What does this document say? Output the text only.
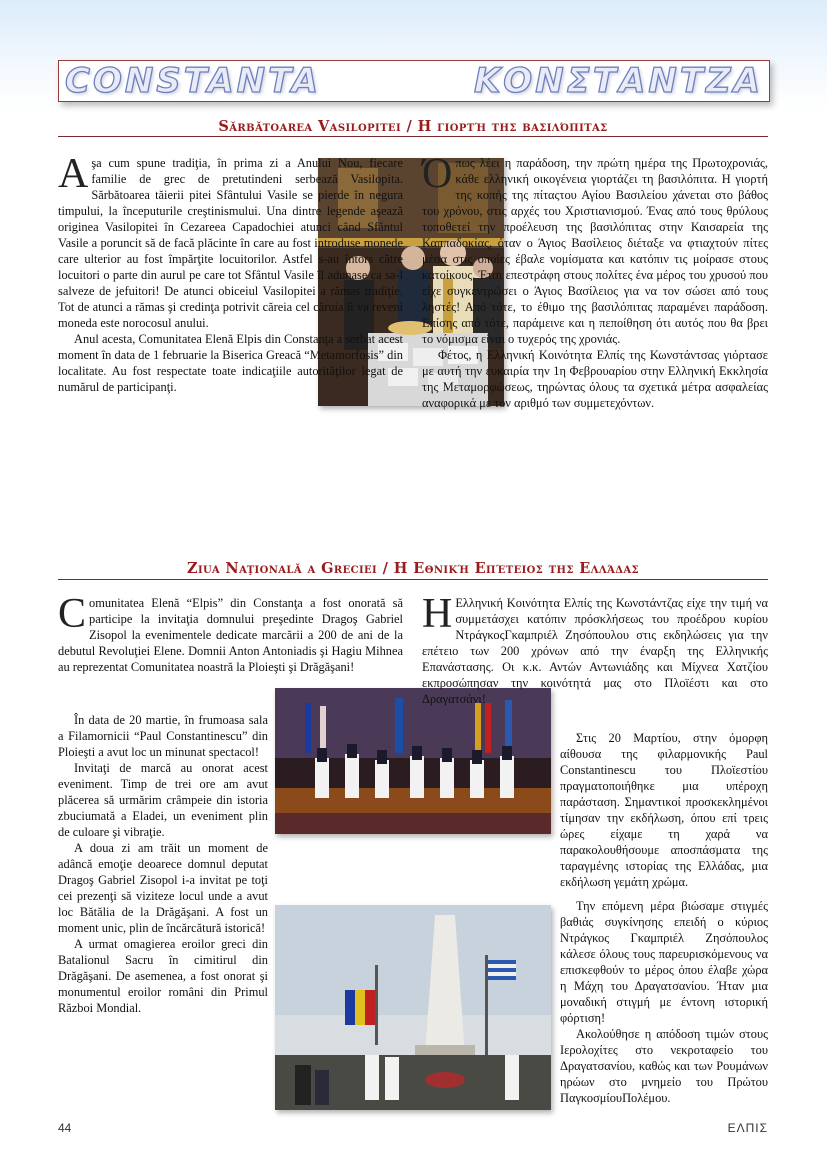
CONSTANTA	ΚΟΝΣΤΑΝΤΖΑ
Sărbătoarea Vasilopitei / Η γιορτή της βασιλόπιτας

Aşa cum spune tradiţia, în prima zi a Anului Nou, fiecare familie de grec de pretutindeni serbează Vasilopita. Sărbătoarea tăierii pitei Sfântului Vasile se pierde în negura timpului, la începuturile creştinismului. Una dintre legende aşează originea Vasilopitei în Cezareea Capadochiei atunci când Sfântul Vasile a poruncit să de facă plăcinte în care au fost introduse monede care ulterior au fost împărţite locuitorilor. Astfel s-au întors către locuitori o parte din aurul pe care tot Sfântul Vasile îl adunase ca sa-l salveze de jefuitori! De atunci obiceiul Vasilopitei a rămas tradiţie. Tot de atunci a rămas şi credinţa potrivit căreia cel căruia îi va reveni moneda este norocosul anului.

Anul acesta, Comunitatea Elenă Elpis din Constanţa a serbat acest moment în data de 1 februarie la Biserica Greacă “Metamorfosis” din localitate. Au fost respectate toate indicaţiile autorităţilor legat de numărul de participanţi.

Όπως λέει η παράδοση, την πρώτη ημέρα της Πρωτοχρονιάς, κάθε ελληνική οικογένεια γιορτάζει τη βασιλόπιτα. Η γιορτή της κοπής της πίταςτου Αγίου Βασιλείου χάνεται στο βάθος του χρόνου, στις αρχές του Χριστιανισμού. Ένας από τους θρύλους τοποθετεί την προέλευση της βασιλόπιτας στην Καισαρεία της Καππαδοκίας, όταν ο Άγιος Βασίλειος διέταξε να φτιαχτούν πίτες μέσα στις οποίες έβαλε νομίσματα και κατόπιν τις μοίρασε στους κατοίκους. Έτσι επεστράφη στους πολίτες ένα μέρος του χρυσού που είχε συγκεντρώσει ο Άγιος Βασίλειος για να τον σώσει από τους ληστές! Από τότε, το έθιμο της βασιλόπιτας παραμένει παράδοση. Επίσης από τότε, παράμεινε και η πεποίθηση ότι αυτός που θα βρει το νόμισμα είναι ο τυχερός της χρονιάς.

Φέτος, η Ελληνική Κοινότητα Ελπίς της Κωνστάντσας γιόρτασε με αυτή την ευκαιρία την 1η Φεβρουαρίου στην Ελληνική Εκκλησία της Μεταμορφώσεως, τηρώντας όλους τα σχετικά μέτρα ασφαλείας αναφορικά με τον αριθμό των συμμετεχόντων.

Ziua Naţională a Greciei / Η Εθνική Επέτειος της Ελλάδας

Comunitatea Elenă “Elpis” din Constanţa a fost onorată să participe la invitaţia domnului preşedinte Dragoş Gabriel Zisopol la evenimentele dedicate marcării a 200 de ani de la debutul Revoluţiei Elene. Domnii Anton Antoniadis şi Hagiu Mihnea au reprezentat Comunitatea noastră la Ploieşti şi Drăgăşani!

În data de 20 martie, în frumoasa sala a Filamornicii “Paul Constantinescu” din Ploieşti a avut loc un minunat spectacol!

Invitaţi de marcă au onorat acest eveniment. Timp de trei ore am avut plăcerea să urmărim crâmpeie din istoria zbuciumată a Eladei, un eveniment plin de culoare şi vibraţie.

A doua zi am trăit un moment de adâncă emoţie deoarece domnul deputat Dragoş Gabriel Zisopol i-a invitat pe toţi cei prezenţi să viziteze locul unde a avut loc Bătălia de la Drăgăşani. A fost un moment unic, plin de încărcătură istorică!

A urmat omagierea eroilor greci din Batalionul Sacru în cimitirul din Drăgăşani. De asemenea, a fost onorat şi monumentul eroilor români din Primul Război Mondial.

Η Ελληνική Κοινότητα Ελπίς της Κωνστάντζας είχε την τιμή να συμμετάσχει κατόπιν πρόσκλήσεως του προέδρου κυρίου ΝτράγκοςΓκαμπριέλ Ζησόπουλου στις εκδηλώσεις για την επέτειο των 200 χρόνων από την έναρξη της Ελληνικής Επανάστασης. Οι κ.κ. Αντών Αντωνιάδης και Μίχνεα Χατζίου εκπροσώπησαν την κοινότητά μας στο Πλοϊέστι και στο Δραγατσάνι!

Στις 20 Μαρτίου, στην όμορφη αίθουσα της φιλαρμονικής Paul Constantinescu του Πλοϊεστίου πραγματοποιήθηκε μια υπέροχη παράσταση. Σημαντικοί προσκεκλημένοι τίμησαν την εκδήλωση, όπου επί τρεις ώρες είχαμε τη χαρά να παρακολουθήσουμε αποσπάσματα της ταραγμένης ιστορίας της Ελλάδας, μια εκδήλωση γεμάτη χρώμα.

Την επόμενη μέρα βιώσαμε στιγμές βαθιάς συγκίνησης επειδή ο κύριος Ντράγκος Γκαμπριέλ Ζησόπουλος κάλεσε όλους τους παρευρισκόμενους να επισκεφθούν το μέρος όπου έλαβε χώρα η Μάχη του Δραγατσανίου. Ήταν μια μοναδική στιγμή με έντονη ιστορική φόρτιση!

Ακολούθησε η απόδοση τιμών στους Ιερολοχίτες στο νεκροταφείο του Δραγατσανίου, καθώς και των Ρουμάνων ηρώων στο μνημείο του Πρώτου ΠαγκοσμίουΠολέμου.

44	ΕΛΠΙΣ
